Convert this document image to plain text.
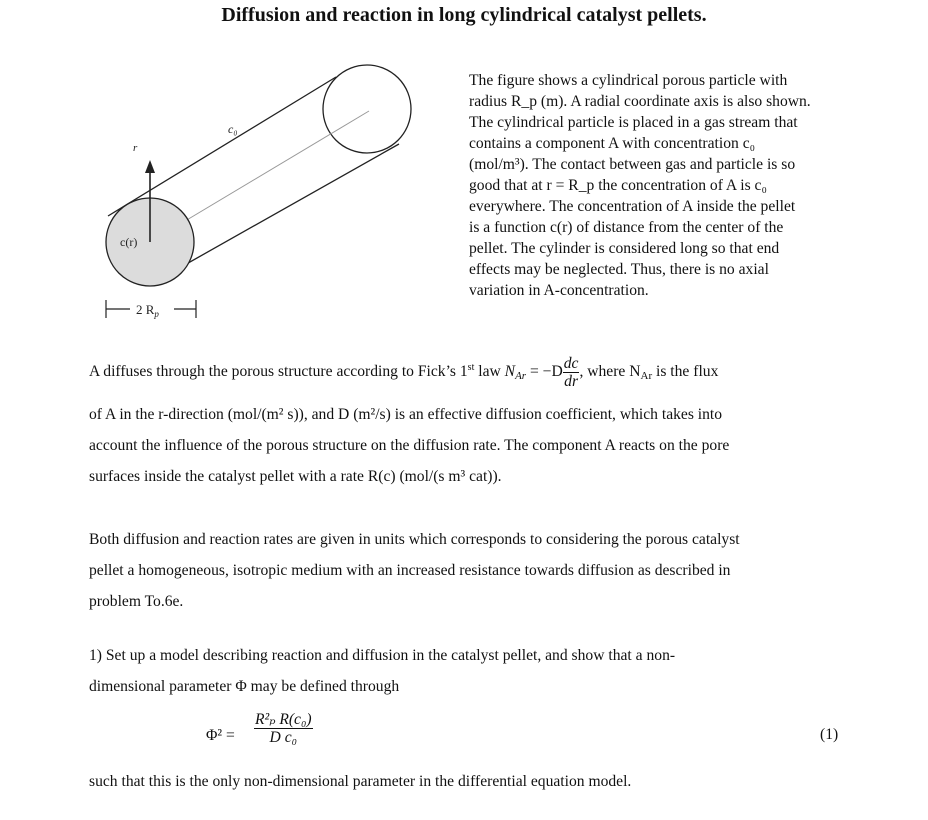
Diffusion and reaction in long cylindrical catalyst pellets.
r
c₀
c(r)
2 $R_p$
The figure shows a cylindrical porous particle with
radius R_p (m). A radial coordinate axis is also shown.
The cylindrical particle is placed in a gas stream that
contains a component A with concentration c₀
(mol/m³). The contact between gas and particle is so
good that at r = R_p the concentration of A is c₀
everywhere. The concentration of A inside the pellet
is a function c(r) of distance from the center of the
pellet. The cylinder is considered long so that end
effects may be neglected. Thus, there is no axial
variation in A-concentration.
A diffuses through the porous structure according to Fick’s 1st law $N_{Ar} = -D \frac{dc}{dr}$ , where $N_{Ar}$ is the flux
of A in the r-direction (mol/(m² s)), and D (m²/s) is an effective diffusion coefficient, which takes into
account the influence of the porous structure on the diffusion rate. The component A reacts on the pore
surfaces inside the catalyst pellet with a rate R(c) (mol/(s m³ cat)).
Both diffusion and reaction rates are given in units which corresponds to considering the porous catalyst
pellet a homogeneous, isotropic medium with an increased resistance towards diffusion as described in
problem To.6e.
1) Set up a model describing reaction and diffusion in the catalyst pellet, and show that a non-
dimensional parameter Φ may be defined through
$\Phi^2 = \frac{\text{R²ₚ R(c₀)}}{\text{D c₀}}$	(1)
such that this is the only non-dimensional parameter in the differential equation model.
